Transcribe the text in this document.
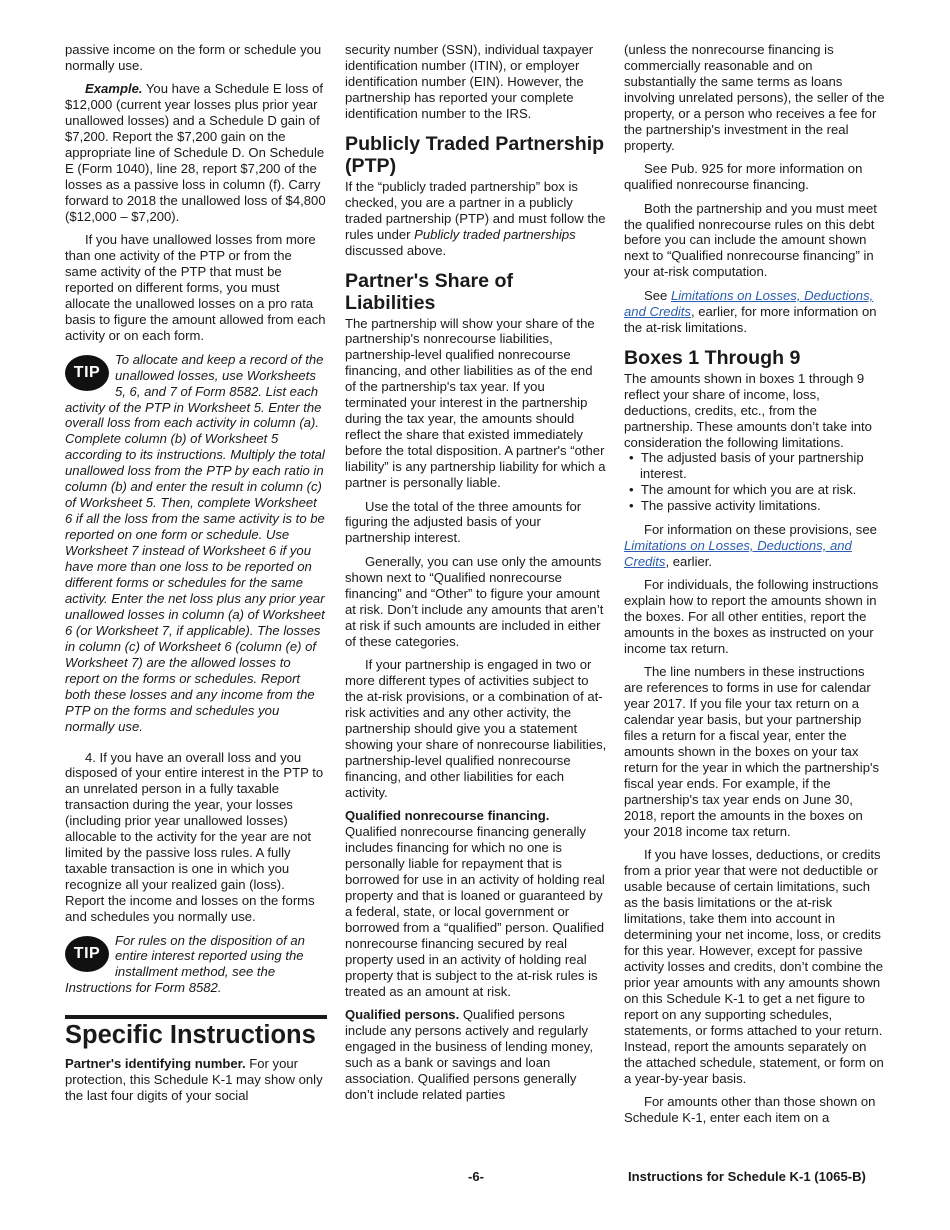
passive income on the form or schedule you normally use.

Example. You have a Schedule E loss of $12,000 (current year losses plus prior year unallowed losses) and a Schedule D gain of $7,200. Report the $7,200 gain on the appropriate line of Schedule D. On Schedule E (Form 1040), line 28, report $7,200 of the losses as a passive loss in column (f). Carry forward to 2018 the unallowed loss of $4,800 ($12,000 – $7,200).

If you have unallowed losses from more than one activity of the PTP or from the same activity of the PTP that must be reported on different forms, you must allocate the unallowed losses on a pro rata basis to figure the amount allowed from each activity or on each form.

TIP
To allocate and keep a record of the unallowed losses, use Worksheets 5, 6, and 7 of Form 8582. List each activity of the PTP in Worksheet 5. Enter the overall loss from each activity in column (a). Complete column (b) of Worksheet 5 according to its instructions. Multiply the total unallowed loss from the PTP by each ratio in column (b) and enter the result in column (c) of Worksheet 5. Then, complete Worksheet 6 if all the loss from the same activity is to be reported on one form or schedule. Use Worksheet 7 instead of Worksheet 6 if you have more than one loss to be reported on different forms or schedules for the same activity. Enter the net loss plus any prior year unallowed losses in column (a) of Worksheet 6 (or Worksheet 7, if applicable). The losses in column (c) of Worksheet 6 (column (e) of Worksheet 7) are the allowed losses to report on the forms or schedules. Report both these losses and any income from the PTP on the forms and schedules you normally use.

4. If you have an overall loss and you disposed of your entire interest in the PTP to an unrelated person in a fully taxable transaction during the year, your losses (including prior year unallowed losses) allocable to the activity for the year are not limited by the passive loss rules. A fully taxable transaction is one in which you recognize all your realized gain (loss). Report the income and losses on the forms and schedules you normally use.

TIP
For rules on the disposition of an entire interest reported using the installment method, see the Instructions for Form 8582.
Specific Instructions

Partner's identifying number. For your protection, this Schedule K-1 may show only the last four digits of your social

security number (SSN), individual taxpayer identification number (ITIN), or employer identification number (EIN). However, the partnership has reported your complete identification number to the IRS.

Publicly Traded Partnership (PTP)

If the “publicly traded partnership” box is checked, you are a partner in a publicly traded partnership (PTP) and must follow the rules under Publicly traded partnerships discussed above.

Partner's Share of Liabilities

The partnership will show your share of the partnership's nonrecourse liabilities, partnership-level qualified nonrecourse financing, and other liabilities as of the end of the partnership's tax year. If you terminated your interest in the partnership during the tax year, the amounts should reflect the share that existed immediately before the total disposition. A partner's “other liability” is any partnership liability for which a partner is personally liable.

Use the total of the three amounts for figuring the adjusted basis of your partnership interest.

Generally, you can use only the amounts shown next to “Qualified nonrecourse financing” and “Other” to figure your amount at risk. Don’t include any amounts that aren’t at risk if such amounts are included in either of these categories.

If your partnership is engaged in two or more different types of activities subject to the at-risk provisions, or a combination of at-risk activities and any other activity, the partnership should give you a statement showing your share of nonrecourse liabilities, partnership-level qualified nonrecourse financing, and other liabilities for each activity.

Qualified nonrecourse financing.
Qualified nonrecourse financing generally includes financing for which no one is personally liable for repayment that is borrowed for use in an activity of holding real property and that is loaned or guaranteed by a federal, state, or local government or borrowed from a “qualified” person. Qualified nonrecourse financing secured by real property used in an activity of holding real property that is subject to the at-risk rules is treated as an amount at risk.

Qualified persons. Qualified persons include any persons actively and regularly engaged in the business of lending money, such as a bank or savings and loan association. Qualified persons generally don’t include related parties

(unless the nonrecourse financing is commercially reasonable and on substantially the same terms as loans involving unrelated persons), the seller of the property, or a person who receives a fee for the partnership's investment in the real property.

See Pub. 925 for more information on qualified nonrecourse financing.

Both the partnership and you must meet the qualified nonrecourse rules on this debt before you can include the amount shown next to “Qualified nonrecourse financing” in your at-risk computation.

See Limitations on Losses, Deductions, and Credits, earlier, for more information on the at-risk limitations.

Boxes 1 Through 9

The amounts shown in boxes 1 through 9 reflect your share of income, loss, deductions, credits, etc., from the partnership. These amounts don’t take into consideration the following limitations.

•  The adjusted basis of your partnership interest.

•  The amount for which you are at risk.

•  The passive activity limitations.

For information on these provisions, see Limitations on Losses, Deductions, and Credits, earlier.

For individuals, the following instructions explain how to report the amounts shown in the boxes. For all other entities, report the amounts in the boxes as instructed on your income tax return.

The line numbers in these instructions are references to forms in use for calendar year 2017. If you file your tax return on a calendar year basis, but your partnership files a return for a fiscal year, enter the amounts shown in the boxes on your tax return for the year in which the partnership's fiscal year ends. For example, if the partnership's tax year ends on June 30, 2018, report the amounts in the boxes on your 2018 income tax return.

If you have losses, deductions, or credits from a prior year that were not deductible or usable because of certain limitations, such as the basis limitations or the at-risk limitations, take them into account in determining your net income, loss, or credits for this year. However, except for passive activity losses and credits, don’t combine the prior year amounts with any amounts shown on this Schedule K-1 to get a net figure to report on any supporting schedules, statements, or forms attached to your return. Instead, report the amounts separately on the attached schedule, statement, or form on a year-by-year basis.

For amounts other than those shown on Schedule K-1, enter each item on a

-6-	Instructions for Schedule K-1 (1065-B)
